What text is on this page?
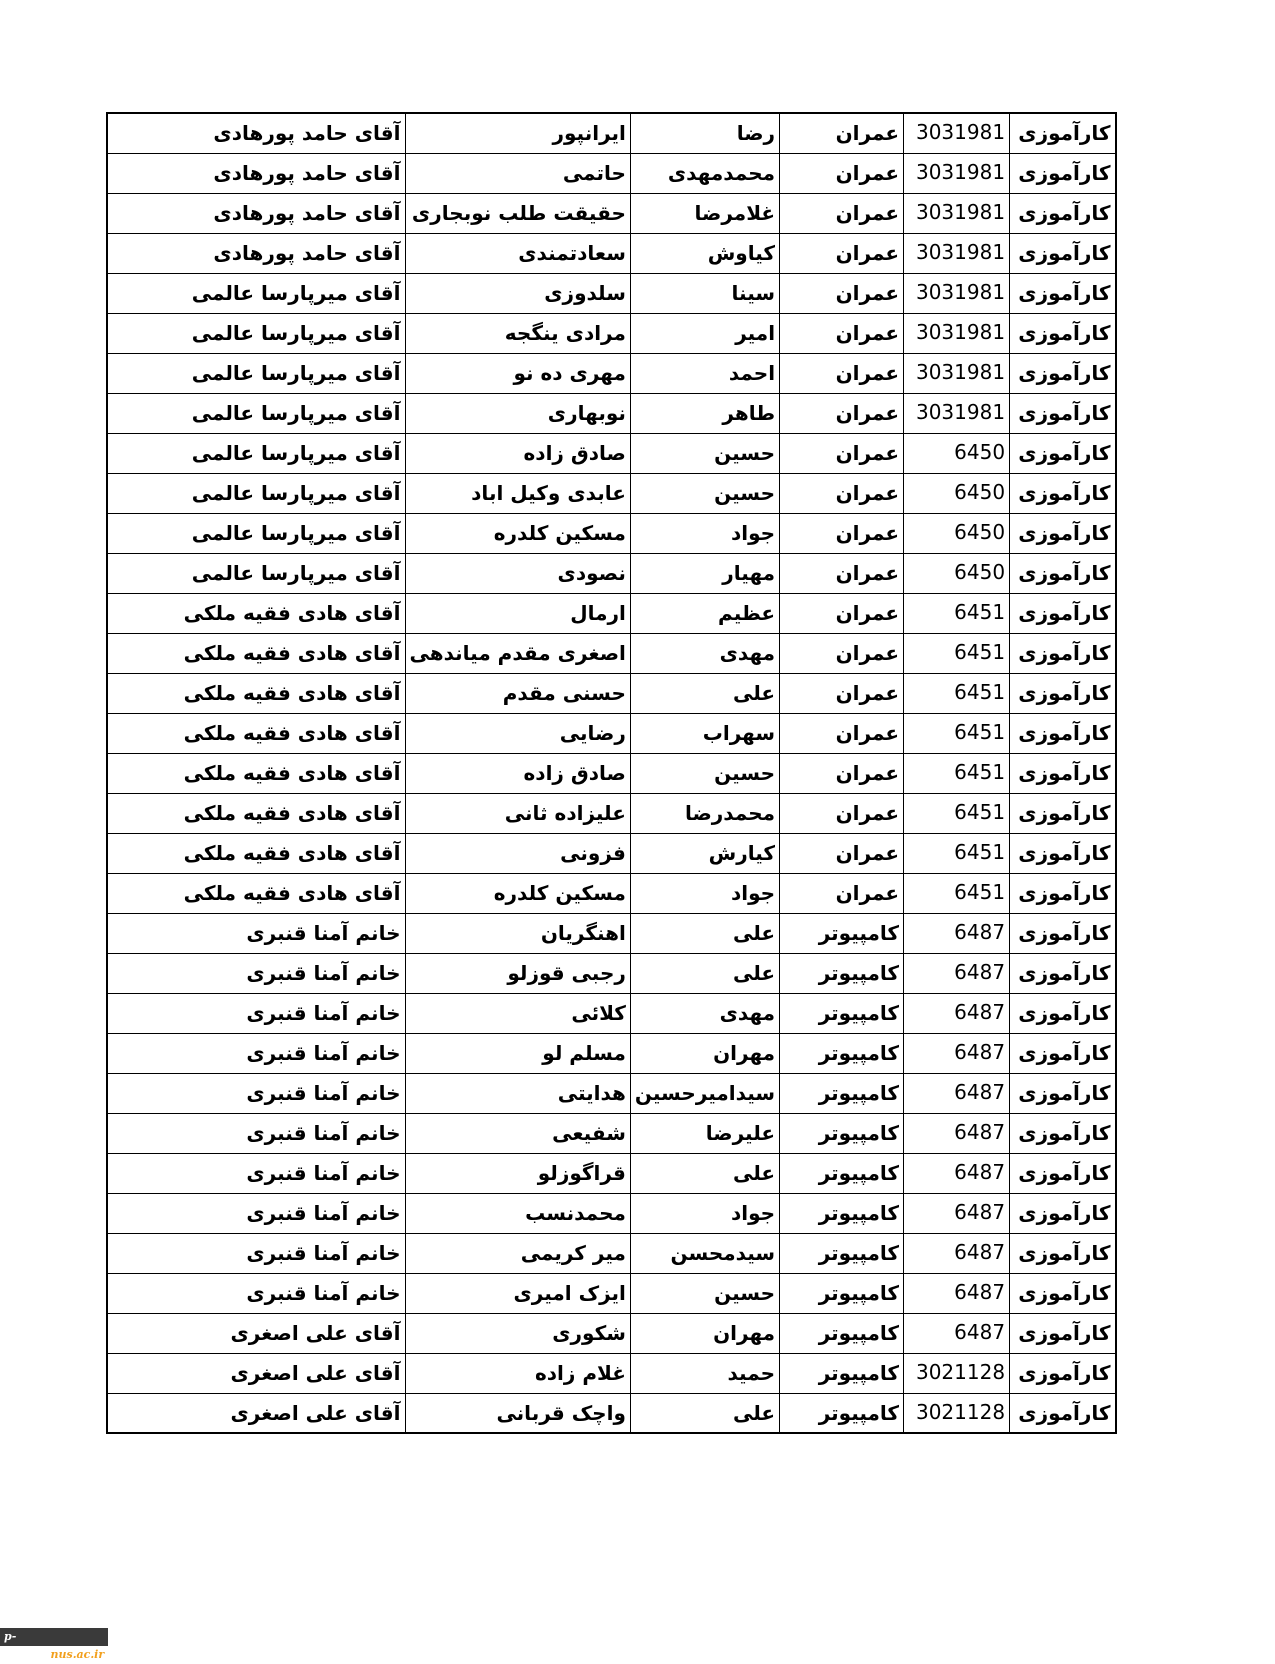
آقای حامد پورهادی	ایرانپور	رضا	عمران	3031981	کارآموزی
آقای حامد پورهادی	حاتمی	محمدمهدی	عمران	3031981	کارآموزی
آقای حامد پورهادی	حقیقت طلب نوبجاری	غلامرضا	عمران	3031981	کارآموزی
آقای حامد پورهادی	سعادتمندی	کیاوش	عمران	3031981	کارآموزی
آقای میرپارسا عالمی	سلدوزی	سینا	عمران	3031981	کارآموزی
آقای میرپارسا عالمی	مرادی ینگجه	امیر	عمران	3031981	کارآموزی
آقای میرپارسا عالمی	مهری ده نو	احمد	عمران	3031981	کارآموزی
آقای میرپارسا عالمی	نوبهاری	طاهر	عمران	3031981	کارآموزی
آقای میرپارسا عالمی	صادق زاده	حسین	عمران	6450	کارآموزی
آقای میرپارسا عالمی	عابدی وکیل اباد	حسین	عمران	6450	کارآموزی
آقای میرپارسا عالمی	مسکین کلدره	جواد	عمران	6450	کارآموزی
آقای میرپارسا عالمی	نصودی	مهیار	عمران	6450	کارآموزی
آقای هادی فقیه ملکی	ارمال	عظیم	عمران	6451	کارآموزی
آقای هادی فقیه ملکی	اصغری مقدم میاندهی	مهدی	عمران	6451	کارآموزی
آقای هادی فقیه ملکی	حسنی مقدم	علی	عمران	6451	کارآموزی
آقای هادی فقیه ملکی	رضایی	سهراب	عمران	6451	کارآموزی
آقای هادی فقیه ملکی	صادق زاده	حسین	عمران	6451	کارآموزی
آقای هادی فقیه ملکی	علیزاده ثانی	محمدرضا	عمران	6451	کارآموزی
آقای هادی فقیه ملکی	فزونی	کیارش	عمران	6451	کارآموزی
آقای هادی فقیه ملکی	مسکین کلدره	جواد	عمران	6451	کارآموزی
خانم آمنا قنبری	اهنگریان	علی	کامپیوتر	6487	کارآموزی
خانم آمنا قنبری	رجبی قوزلو	علی	کامپیوتر	6487	کارآموزی
خانم آمنا قنبری	کلائی	مهدی	کامپیوتر	6487	کارآموزی
خانم آمنا قنبری	مسلم لو	مهران	کامپیوتر	6487	کارآموزی
خانم آمنا قنبری	هدایتی	سیدامیرحسین	کامپیوتر	6487	کارآموزی
خانم آمنا قنبری	شفیعی	علیرضا	کامپیوتر	6487	کارآموزی
خانم آمنا قنبری	قراگوزلو	علی	کامپیوتر	6487	کارآموزی
خانم آمنا قنبری	محمدنسب	جواد	کامپیوتر	6487	کارآموزی
خانم آمنا قنبری	میر کریمی	سیدمحسن	کامپیوتر	6487	کارآموزی
خانم آمنا قنبری	ایزک امیری	حسین	کامپیوتر	6487	کارآموزی
آقای علی اصغری	شکوری	مهران	کامپیوتر	6487	کارآموزی
آقای علی اصغری	غلام زاده	حمید	کامپیوتر	3021128	کارآموزی
آقای علی اصغری	واچک قربانی	علی	کامپیوتر	3021128	کارآموزی
p-ramsar.nus.ac.ir
